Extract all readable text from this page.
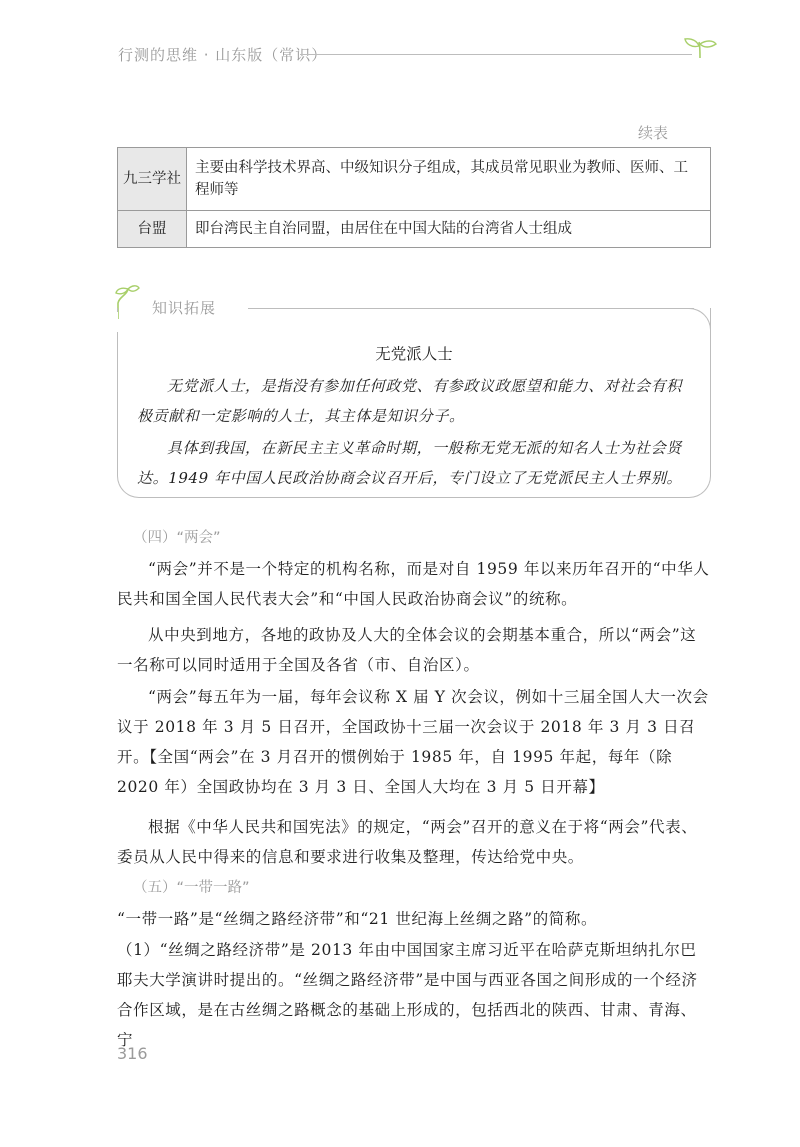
行测的思维 · 山东版（常识）
续表
九三学社	主要由科学技术界高、中级知识分子组成，其成员常见职业为教师、医师、工程师等
台盟	即台湾民主自治同盟，由居住在中国大陆的台湾省人士组成
知识拓展
无党派人士

无党派人士，是指没有参加任何政党、有参政议政愿望和能力、对社会有积极贡献和一定影响的人士，其主体是知识分子。

具体到我国，在新民主主义革命时期，一般称无党无派的知名人士为社会贤达。1949 年中国人民政治协商会议召开后，专门设立了无党派民主人士界别。

（四）“两会”

“两会”并不是一个特定的机构名称，而是对自 1959 年以来历年召开的“中华人民共和国全国人民代表大会”和“中国人民政治协商会议”的统称。

从中央到地方，各地的政协及人大的全体会议的会期基本重合，所以“两会”这一名称可以同时适用于全国及各省（市、自治区）。

“两会”每五年为一届，每年会议称 X 届 Y 次会议，例如十三届全国人大一次会议于 2018 年 3 月 5 日召开，全国政协十三届一次会议于 2018 年 3 月 3 日召开。【全国“两会”在 3 月召开的惯例始于 1985 年，自 1995 年起，每年（除 2020 年）全国政协均在 3 月 3 日、全国人大均在 3 月 5 日开幕】

根据《中华人民共和国宪法》的规定，“两会”召开的意义在于将“两会”代表、委员从人民中得来的信息和要求进行收集及整理，传达给党中央。

（五）“一带一路”

“一带一路”是“丝绸之路经济带”和“21 世纪海上丝绸之路”的简称。

（1）“丝绸之路经济带”是 2013 年由中国国家主席习近平在哈萨克斯坦纳扎尔巴耶夫大学演讲时提出的。“丝绸之路经济带”是中国与西亚各国之间形成的一个经济合作区域，是在古丝绸之路概念的基础上形成的，包括西北的陕西、甘肃、青海、宁

316
